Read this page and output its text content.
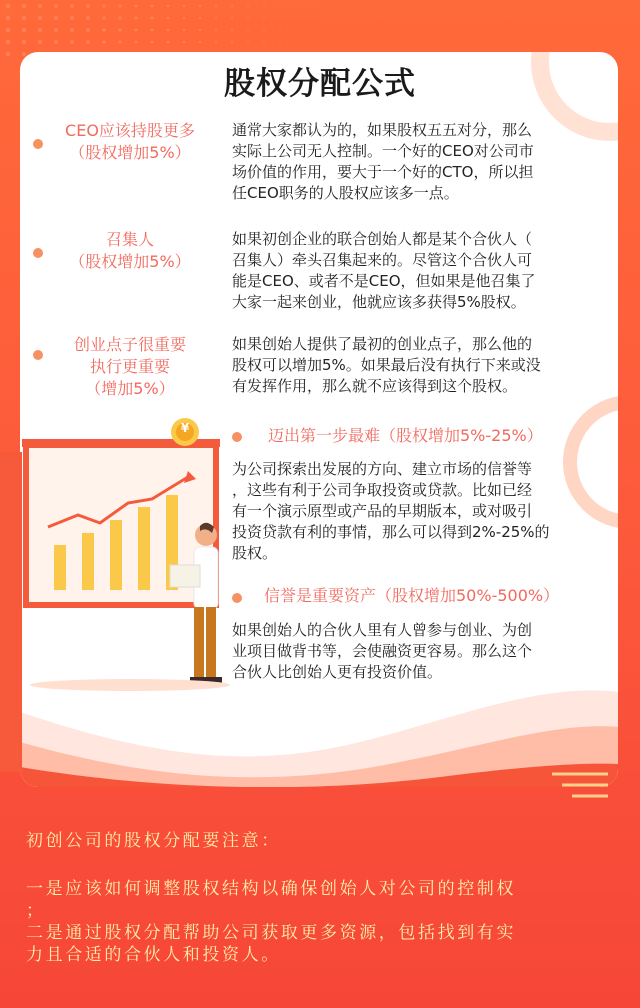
股权分配公式
CEO应该持股更多
（股权增加5%）
通常大家都认为的，如果股权五五对分，那么
实际上公司无人控制。一个好的CEO对公司市
场价值的作用，要大于一个好的CTO，所以担
任CEO职务的人股权应该多一点。
召集人
（股权增加5%）
如果初创企业的联合创始人都是某个合伙人（
召集人）牵头召集起来的。尽管这个合伙人可
能是CEO、或者不是CEO，但如果是他召集了
大家一起来创业，他就应该多获得5%股权。
创业点子很重要
执行更重要
（增加5%）
如果创始人提供了最初的创业点子，那么他的
股权可以增加5%。如果最后没有执行下来或没
有发挥作用，那么就不应该得到这个股权。
¥	迈出第一步最难（股权增加5%-25%）
为公司探索出发展的方向、建立市场的信誉等
，这些有利于公司争取投资或贷款。比如已经
有一个演示原型或产品的早期版本，或对吸引
投资贷款有利的事情，那么可以得到2%-25%的
股权。
信誉是重要资产（股权增加50%-500%）
如果创始人的合伙人里有人曾参与创业、为创
业项目做背书等，会使融资更容易。那么这个
合伙人比创始人更有投资价值。
初创公司的股权分配要注意：
一是应该如何调整股权结构以确保创始人对公司的控制权
；
二是通过股权分配帮助公司获取更多资源，包括找到有实
力且合适的合伙人和投资人。
